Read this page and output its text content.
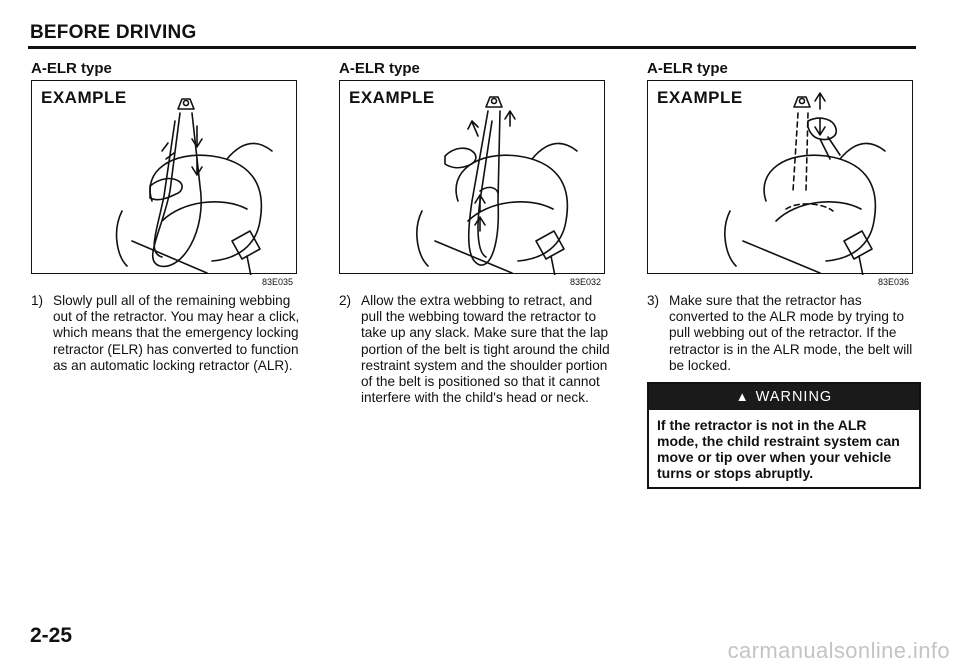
BEFORE DRIVING
A-ELR type
EXAMPLE
83E035
1) Slowly pull all of the remaining webbing out of the retractor. You may hear a click, which means that the emergency locking retractor (ELR) has converted to function as an automatic locking retractor (ALR).
A-ELR type
EXAMPLE
83E032
2) Allow the extra webbing to retract, and pull the webbing toward the retractor to take up any slack. Make sure that the lap portion of the belt is tight around the child restraint system and the shoulder portion of the belt is positioned so that it cannot interfere with the child's head or neck.
A-ELR type
EXAMPLE
83E036
3) Make sure that the retractor has converted to the ALR mode by trying to pull webbing out of the retractor. If the retractor is in the ALR mode, the belt will be locked.
▲ WARNING
If the retractor is not in the ALR mode, the child restraint system can move or tip over when your vehicle turns or stops abruptly.
2-25
carmanualsonline.info
